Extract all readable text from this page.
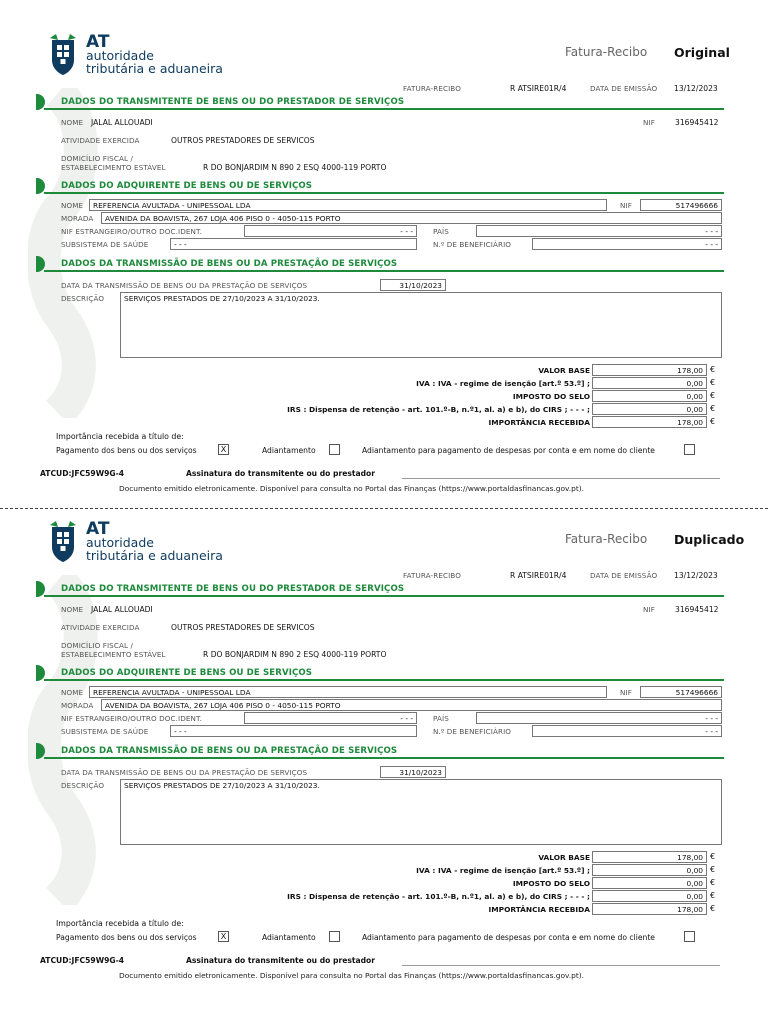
AT
autoridade
tributária e aduaneira
Fatura-Recibo Original
FATURA-RECIBO	R ATSIRE01R/4	DATA DE EMISSÃO 13/12/2023
DADOS DO TRANSMITENTE DE BENS OU DO PRESTADOR DE SERVIÇOS
NOME JALAL ALLOUADI	NIF	316945412
ATIVIDADE EXERCIDA	OUTROS PRESTADORES DE SERVICOS
DOMICÍLIO FISCAL /
ESTABELECIMENTO ESTÁVEL	R DO BONJARDIM N 890 2 ESQ 4000-119 PORTO
DADOS DO ADQUIRENTE DE BENS OU DE SERVIÇOS
NOME	REFERENCIA AVULTADA - UNIPESSOAL LDA	NIF	517496666
MORADA	AVENIDA DA BOAVISTA, 267 LOJA 406 PISO 0 - 4050-115 PORTO
NIF ESTRANGEIRO/OUTRO DOC.IDENT.	- - -	PAÍS	- - -
SUBSISTEMA DE SAÚDE	- - -	N.º DE BENEFICIÁRIO	- - -
DADOS DA TRANSMISSÃO DE BENS OU DA PRESTAÇÃO DE SERVIÇOS
DATA DA TRANSMISSÃO DE BENS OU DA PRESTAÇÃO DE SERVIÇOS	31/10/2023
DESCRIÇÃO	SERVIÇOS PRESTADOS DE 27/10/2023 A 31/10/2023.
VALOR BASE	178,00 €
IVA : IVA - regime de isenção [art.º 53.º] ;	0,00 €
IMPOSTO DO SELO	0,00 €
IRS : Dispensa de retenção - art. 101.º-B, n.º1, al. a) e b), do CIRS ; - - - ;	0,00 €
IMPORTÂNCIA RECEBIDA	178,00 €
Importância recebida a título de:
Pagamento dos bens ou dos serviços	X	Adiantamento	Adiantamento para pagamento de despesas por conta e em nome do cliente
ATCUD:JFC59W9G-4	Assinatura do transmitente ou do prestador
Documento emitido eletronicamente. Disponível para consulta no Portal das Finanças (https://www.portaldasfinancas.gov.pt).
AT
autoridade
tributária e aduaneira
Fatura-Recibo Duplicado
FATURA-RECIBO	R ATSIRE01R/4	DATA DE EMISSÃO 13/12/2023
DADOS DO TRANSMITENTE DE BENS OU DO PRESTADOR DE SERVIÇOS
NOME JALAL ALLOUADI	NIF	316945412
ATIVIDADE EXERCIDA	OUTROS PRESTADORES DE SERVICOS
DOMICÍLIO FISCAL /
ESTABELECIMENTO ESTÁVEL	R DO BONJARDIM N 890 2 ESQ 4000-119 PORTO
DADOS DO ADQUIRENTE DE BENS OU DE SERVIÇOS
NOME	REFERENCIA AVULTADA - UNIPESSOAL LDA	NIF	517496666
MORADA	AVENIDA DA BOAVISTA, 267 LOJA 406 PISO 0 - 4050-115 PORTO
NIF ESTRANGEIRO/OUTRO DOC.IDENT.	- - -	PAÍS	- - -
SUBSISTEMA DE SAÚDE	- - -	N.º DE BENEFICIÁRIO	- - -
DADOS DA TRANSMISSÃO DE BENS OU DA PRESTAÇÃO DE SERVIÇOS
DATA DA TRANSMISSÃO DE BENS OU DA PRESTAÇÃO DE SERVIÇOS	31/10/2023
DESCRIÇÃO	SERVIÇOS PRESTADOS DE 27/10/2023 A 31/10/2023.
VALOR BASE	178,00 €
IVA : IVA - regime de isenção [art.º 53.º] ;	0,00 €
IMPOSTO DO SELO	0,00 €
IRS : Dispensa de retenção - art. 101.º-B, n.º1, al. a) e b), do CIRS ; - - - ;	0,00 €
IMPORTÂNCIA RECEBIDA	178,00 €
Importância recebida a título de:
Pagamento dos bens ou dos serviços	X	Adiantamento	Adiantamento para pagamento de despesas por conta e em nome do cliente
ATCUD:JFC59W9G-4	Assinatura do transmitente ou do prestador
Documento emitido eletronicamente. Disponível para consulta no Portal das Finanças (https://www.portaldasfinancas.gov.pt).
